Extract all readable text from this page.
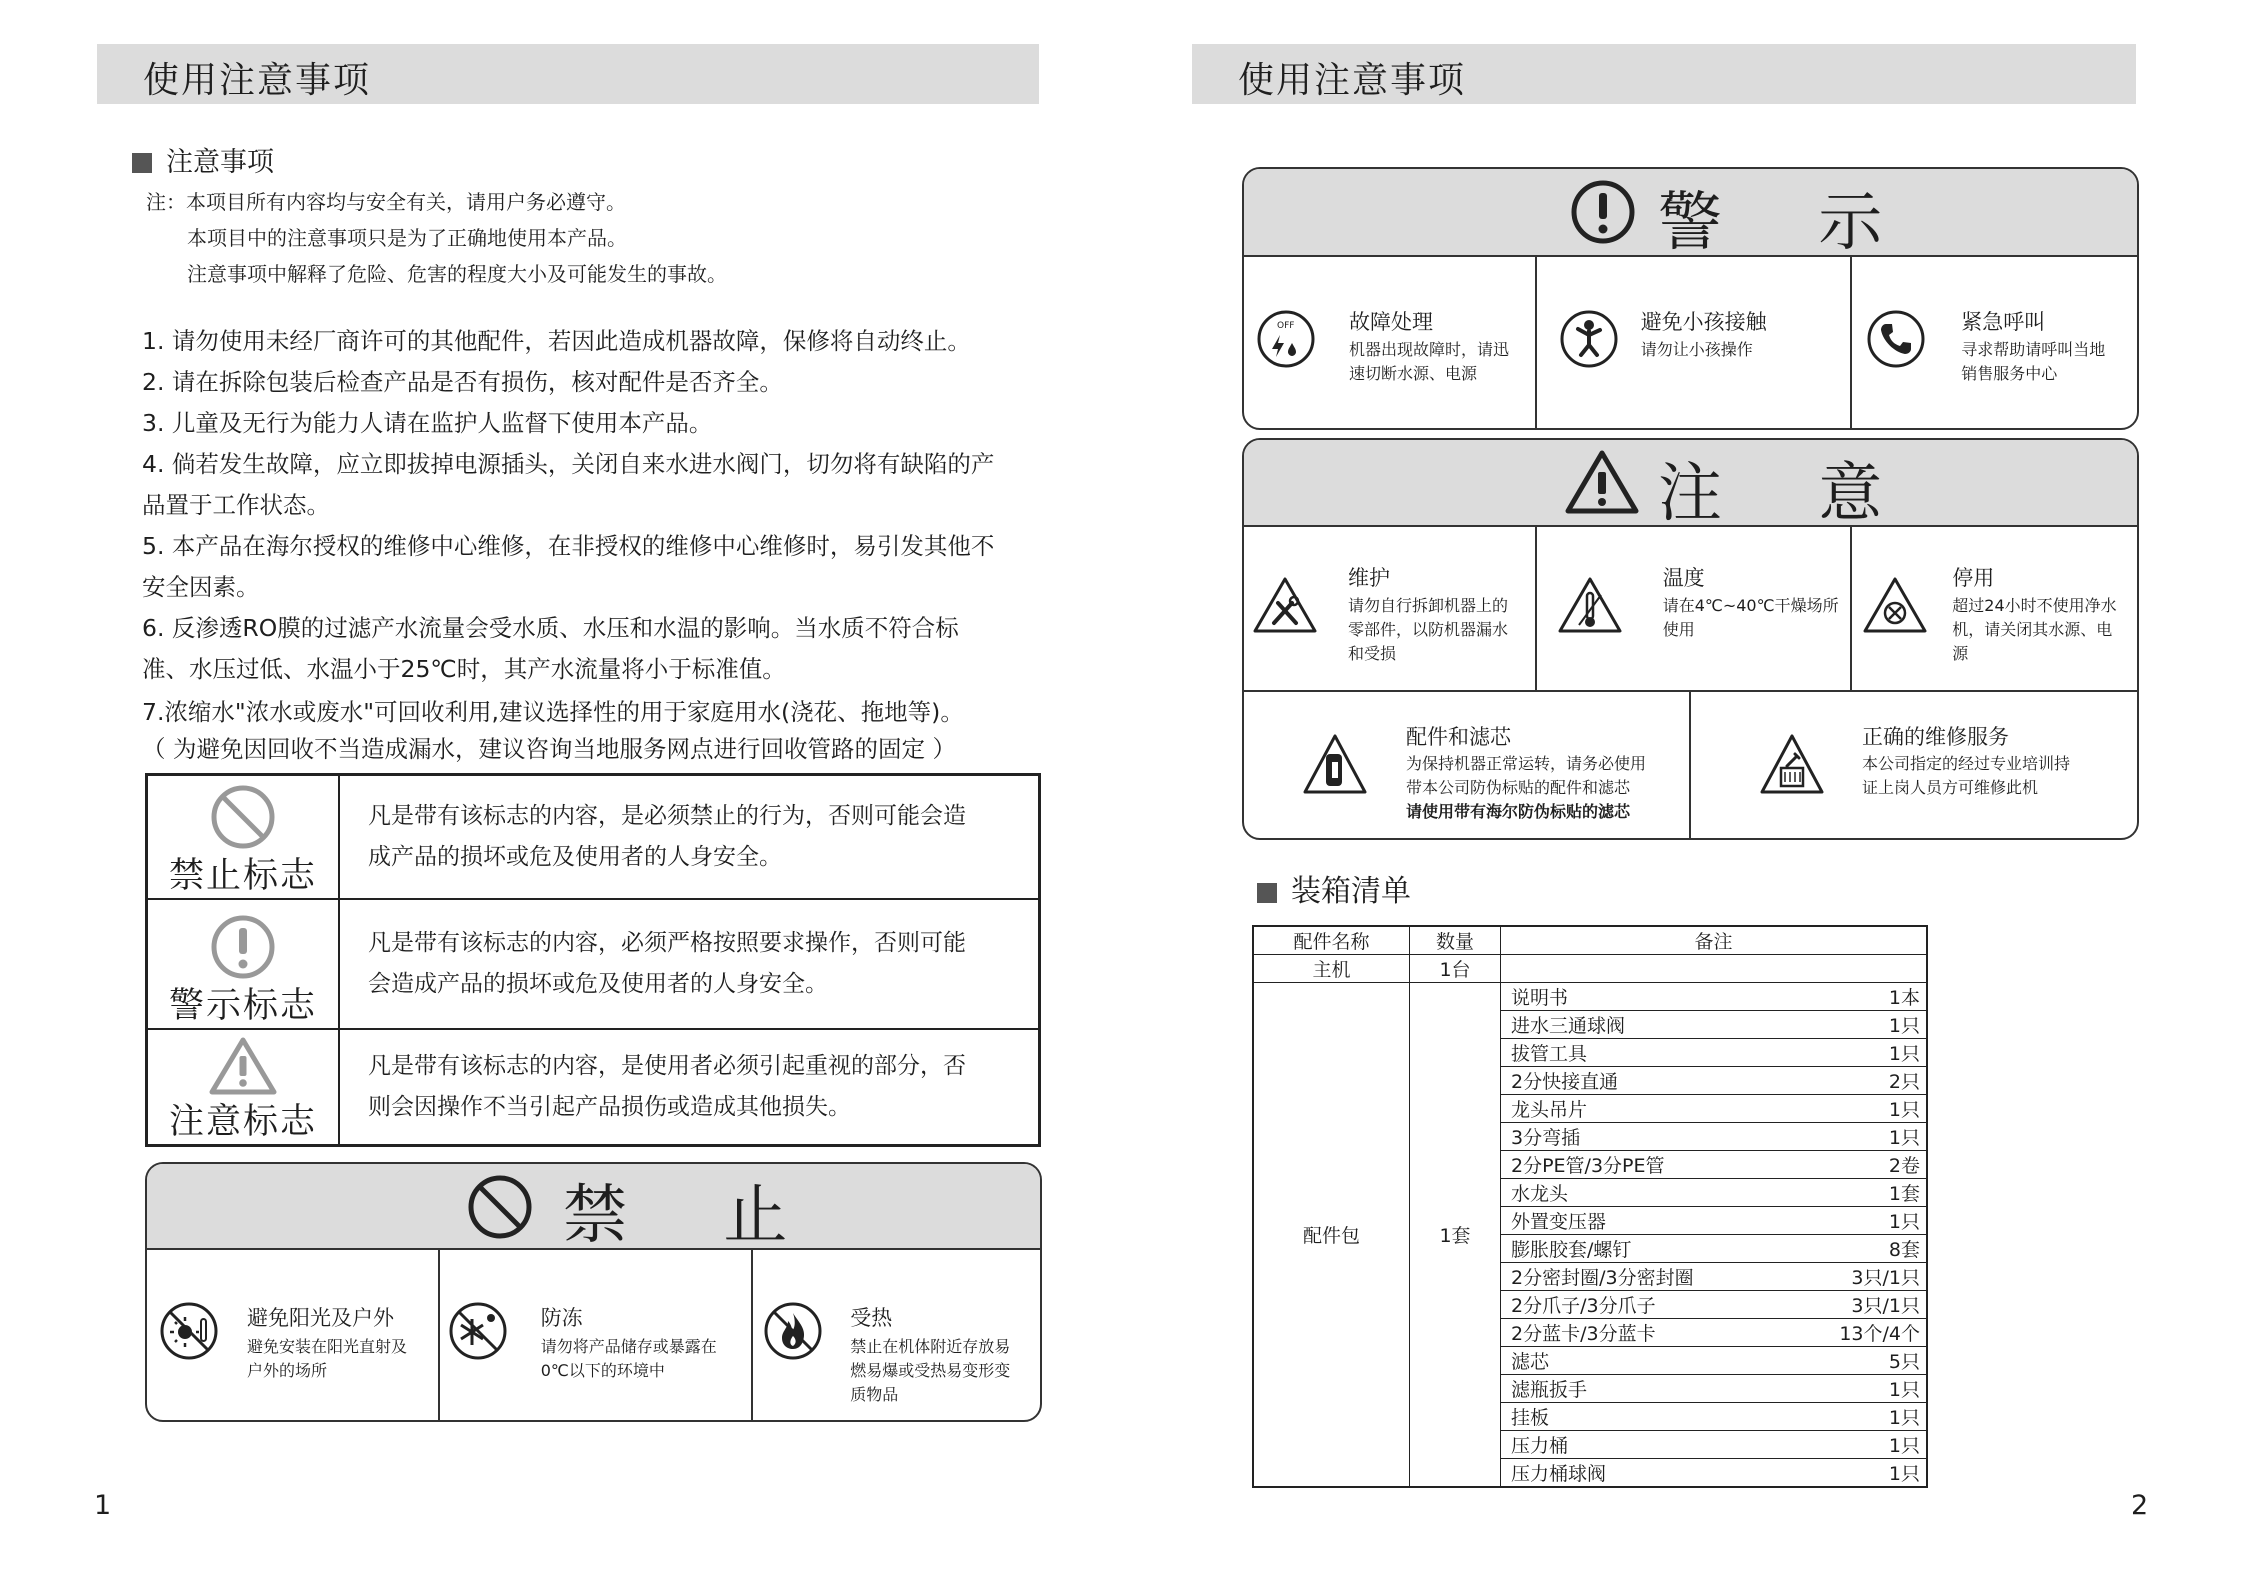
使用注意事项
注意事项
注：本项目所有内容均与安全有关，请用户务必遵守。
本项目中的注意事项只是为了正确地使用本产品。
注意事项中解释了危险、危害的程度大小及可能发生的事故。
1. 请勿使用未经厂商许可的其他配件，若因此造成机器故障，保修将自动终止。
2. 请在拆除包装后检查产品是否有损伤，核对配件是否齐全。
3. 儿童及无行为能力人请在监护人监督下使用本产品。
4. 倘若发生故障，应立即拔掉电源插头，关闭自来水进水阀门，切勿将有缺陷的产
品置于工作状态。
5. 本产品在海尔授权的维修中心维修，在非授权的维修中心维修时，易引发其他不
安全因素。
6. 反渗透RO膜的过滤产水流量会受水质、水压和水温的影响。当水质不符合标
准、水压过低、水温小于25℃时，其产水流量将小于标准值。
7.浓缩水"浓水或废水"可回收利用,建议选择性的用于家庭用水(浇花、拖地等)。
（ 为避免因回收不当造成漏水，建议咨询当地服务网点进行回收管路的固定 ）
禁止标志	凡是带有该标志的内容，是必须禁止的行为，否则可能会造
成产品的损坏或危及使用者的人身安全。

警示标志	凡是带有该标志的内容，必须严格按照要求操作，否则可能
会造成产品的损坏或危及使用者的人身安全。

注意标志	凡是带有该标志的内容，是使用者必须引起重视的部分，否
则会因操作不当引起产品损伤或造成其他损失。
禁 止
避免阳光及户外
避免安装在阳光直射及
户外的场所
防冻
请勿将产品储存或暴露在
0℃以下的环境中
受热
禁止在机体附近存放易
燃易爆或受热易变形变
质物品
1
使用注意事项
警 示
OFF	故障处理
机器出现故障时，请迅
速切断水源、电源
避免小孩接触
请勿让小孩操作
紧急呼叫
寻求帮助请呼叫当地
销售服务中心
注 意
维护
请勿自行拆卸机器上的
零部件，以防机器漏水
和受损
温度
请在4℃~40℃干燥场所
使用
停用
超过24小时不使用净水
机，请关闭其水源、电
源
配件和滤芯
为保持机器正常运转，请务必使用
带本公司防伪标贴的配件和滤芯
请使用带有海尔防伪标贴的滤芯
正确的维修服务
本公司指定的经过专业培训持
证上岗人员方可维修此机
装箱清单
配件名称	数量	备注
主机	1台	
配件包	1套	
说明书	1本
进水三通球阀	1只
拔管工具	1只
2分快接直通	2只
龙头吊片	1只
3分弯插	1只
2分PE管/3分PE管	2卷
水龙头	1套
外置变压器	1只
膨胀胶套/螺钉	8套
2分密封圈/3分密封圈	3只/1只
2分爪子/3分爪子	3只/1只
2分蓝卡/3分蓝卡	13个/4个
滤芯	5只
滤瓶扳手	1只
挂板	1只
压力桶	1只
压力桶球阀	1只
2
